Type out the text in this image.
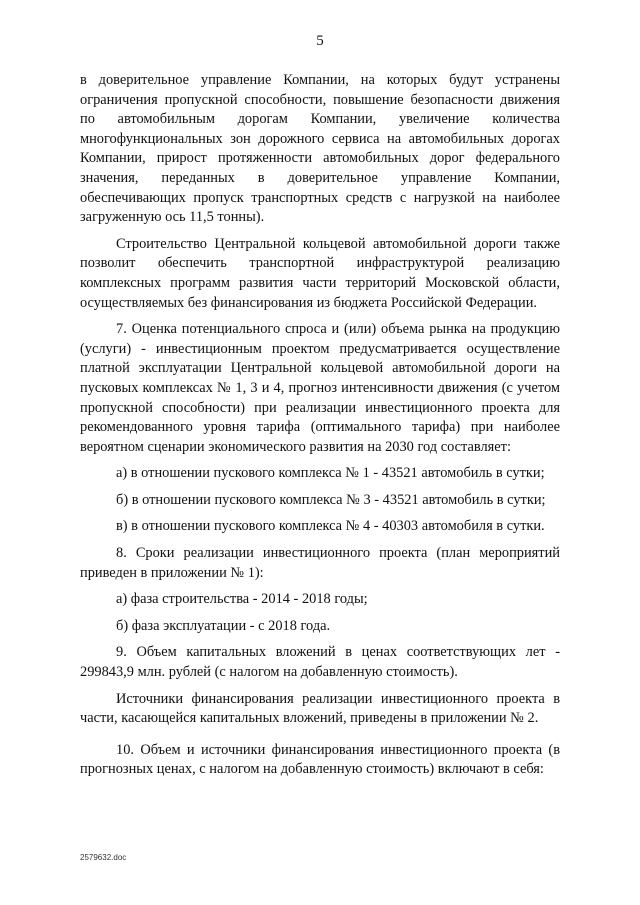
5

в доверительное управление Компании, на которых будут устранены ограничения пропускной способности, повышение безопасности движения по автомобильным дорогам Компании, увеличение количества многофункциональных зон дорожного сервиса на автомобильных дорогах Компании, прирост протяженности автомобильных дорог федерального значения, переданных в доверительное управление Компании, обеспечивающих пропуск транспортных средств с нагрузкой на наиболее загруженную ось 11,5 тонны).

Строительство Центральной кольцевой автомобильной дороги также позволит обеспечить транспортной инфраструктурой реализацию комплексных программ развития части территорий Московской области, осуществляемых без финансирования из бюджета Российской Федерации.

7. Оценка потенциального спроса и (или) объема рынка на продукцию (услуги) - инвестиционным проектом предусматривается осуществление платной эксплуатации Центральной кольцевой автомобильной дороги на пусковых комплексах № 1, 3 и 4, прогноз интенсивности движения (с учетом пропускной способности) при реализации инвестиционного проекта для рекомендованного уровня тарифа (оптимального тарифа) при наиболее вероятном сценарии экономического развития на 2030 год составляет:

а) в отношении пускового комплекса № 1 - 43521 автомобиль в сутки;

б) в отношении пускового комплекса № 3 - 43521 автомобиль в сутки;

в) в отношении пускового комплекса № 4 - 40303 автомобиля в сутки.

8. Сроки реализации инвестиционного проекта (план мероприятий приведен в приложении № 1):

а) фаза строительства - 2014 - 2018 годы;

б) фаза эксплуатации - с 2018 года.

9. Объем капитальных вложений в ценах соответствующих лет - 299843,9 млн. рублей (с налогом на добавленную стоимость).

Источники финансирования реализации инвестиционного проекта в части, касающейся капитальных вложений, приведены в приложении № 2.

10. Объем и источники финансирования инвестиционного проекта (в прогнозных ценах, с налогом на добавленную стоимость) включают в себя:

2579632.doc
